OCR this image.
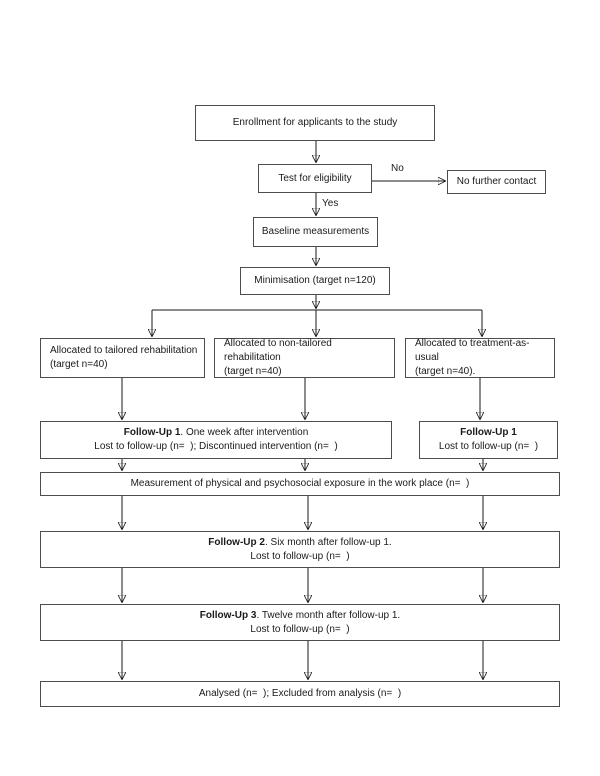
Enrollment for applicants to the study
Test for eligibility
No
Yes
No further contact
Baseline measurements
Minimisation (target n=120)
Allocated to tailored rehabilitation
(target n=40)
Allocated to non-tailored rehabilitation
(target n=40)
Allocated to treatment-as-usual
(target n=40).
Follow-Up 1. One week after intervention
Lost to follow-up (n=  ); Discontinued intervention (n=  )
Follow-Up 1
Lost to follow-up (n=  )
Measurement of physical and psychosocial exposure in the work place (n=  )
Follow-Up 2. Six month after follow-up 1.
Lost to follow-up (n=  )
Follow-Up 3. Twelve month after follow-up 1.
Lost to follow-up (n=  )
Analysed (n=  ); Excluded from analysis (n=  )
